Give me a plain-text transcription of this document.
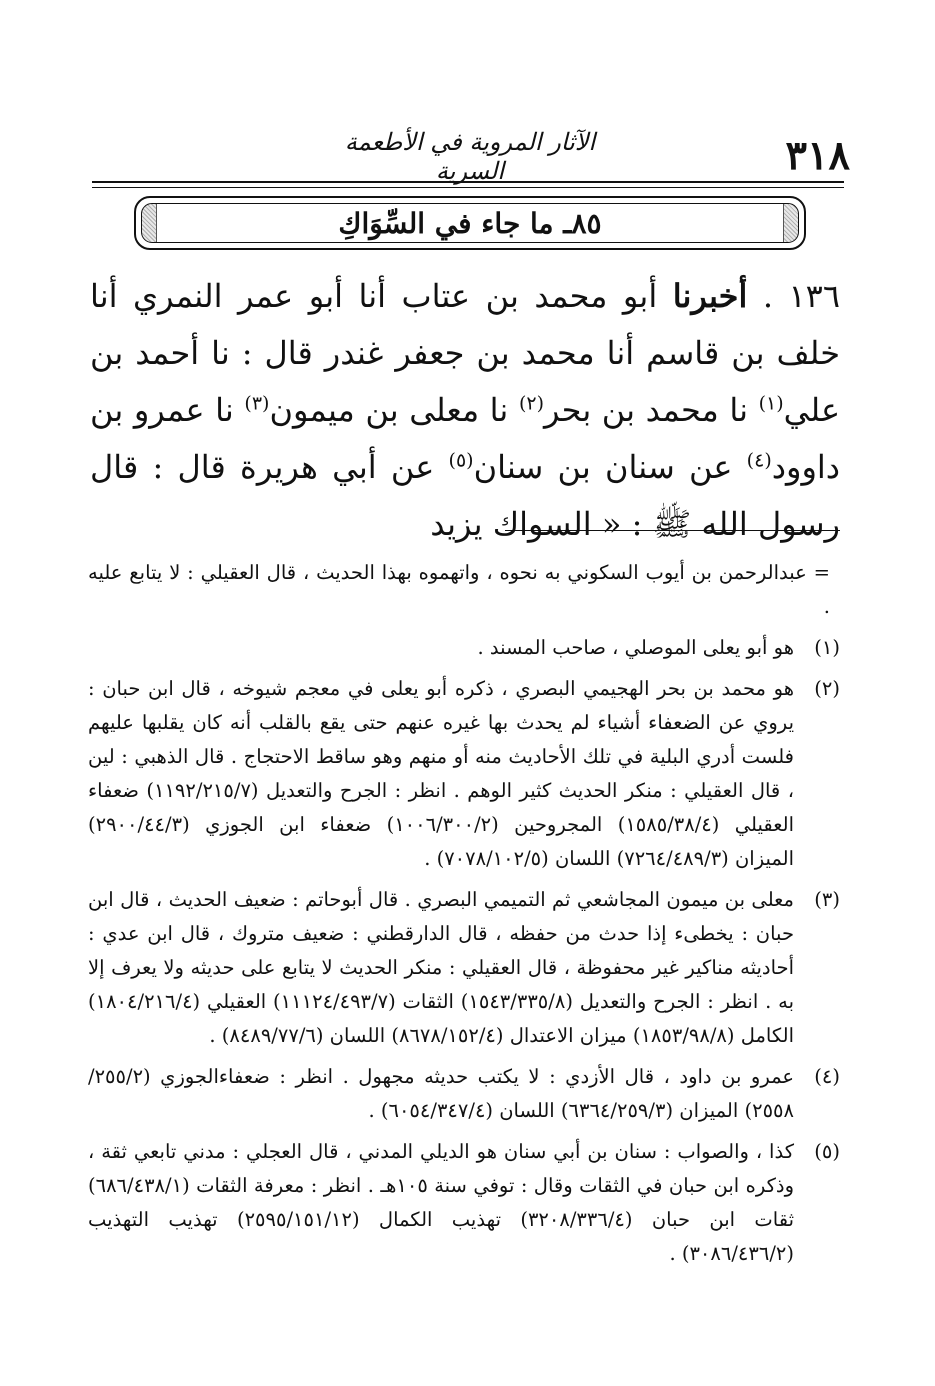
٣١٨
الآثار المروية في الأطعمة السرية
٨٥ـ ما جاء في السِّوَاكِ
١٣٦ . أخبرنا أبو محمد بن عتاب أنا أبو عمر النمري أنا خلف بن قاسم أنا محمد بن جعفر غندر قال : نا أحمد بن علي$^{(١)}$ نا محمد بن بحر$^{(٢)}$ نا معلى بن ميمون$^{(٣)}$ نا عمرو بن داوود$^{(٤)}$ عن سنان بن سنان$^{(٥)}$ عن أبي هريرة قال : قال رسول الله ﷺ : « السواك يزيد
= عبدالرحمن بن أيوب السكوني به نحوه ، واتهموه بهذا الحديث ، قال العقيلي : لا يتابع عليه .
(١)
هو أبو يعلى الموصلي ، صاحب المسند .
(٢)
هو محمد بن بحر الهجيمي البصري ، ذكره أبو يعلى في معجم شيوخه ، قال ابن حبان : يروي عن الضعفاء أشياء لم يحدث بها غيره عنهم حتى يقع بالقلب أنه كان يقلبها عليهم فلست أدري البلية في تلك الأحاديث منه أو منهم وهو ساقط الاحتجاج . قال الذهبي : لين ، قال العقيلي : منكر الحديث كثير الوهم . انظر : الجرح والتعديل (١١٩٢/٢١٥/٧) ضعفاء العقيلي (١٥٨٥/٣٨/٤) المجروحين (١٠٠٦/٣٠٠/٢) ضعفاء ابن الجوزي (٢٩٠٠/٤٤/٣) الميزان (٧٢٦٤/٤٨٩/٣) اللسان (٧٠٧٨/١٠٢/٥) .
(٣)
معلى بن ميمون المجاشعي ثم التميمي البصري . قال أبوحاتم : ضعيف الحديث ، قال ابن حبان : يخطىء إذا حدث من حفظه ، قال الدارقطني : ضعيف متروك ، قال ابن عدي : أحاديثه مناكير غير محفوظة ، قال العقيلي : منكر الحديث لا يتابع على حديثه ولا يعرف إلا به . انظر : الجرح والتعديل (١٥٤٣/٣٣٥/٨) الثقات (١١١٢٤/٤٩٣/٧) العقيلي (١٨٠٤/٢١٦/٤) الكامل (١٨٥٣/٩٨/٨) ميزان الاعتدال (٨٦٧٨/١٥٢/٤) اللسان (٨٤٨٩/٧٧/٦) .
(٤)
عمرو بن داود ، قال الأزدي : لا يكتب حديثه مجهول . انظر : ضعفاءالجوزي (٢٥٥/٢/ ٢٥٥٨) الميزان (٦٣٦٤/٢٥٩/٣) اللسان (٦٠٥٤/٣٤٧/٤) .
(٥)
كذا ، والصواب : سنان بن أبي سنان هو الديلي المدني ، قال العجلي : مدني تابعي ثقة ، وذكره ابن حبان في الثقات وقال : توفي سنة ١٠٥هـ . انظر : معرفة الثقات (٦٨٦/٤٣٨/١) ثقات ابن حبان (٣٢٠٨/٣٣٦/٤) تهذيب الكمال (٢٥٩٥/١٥١/١٢) تهذيب التهذيب (٣٠٨٦/٤٣٦/٢) .
